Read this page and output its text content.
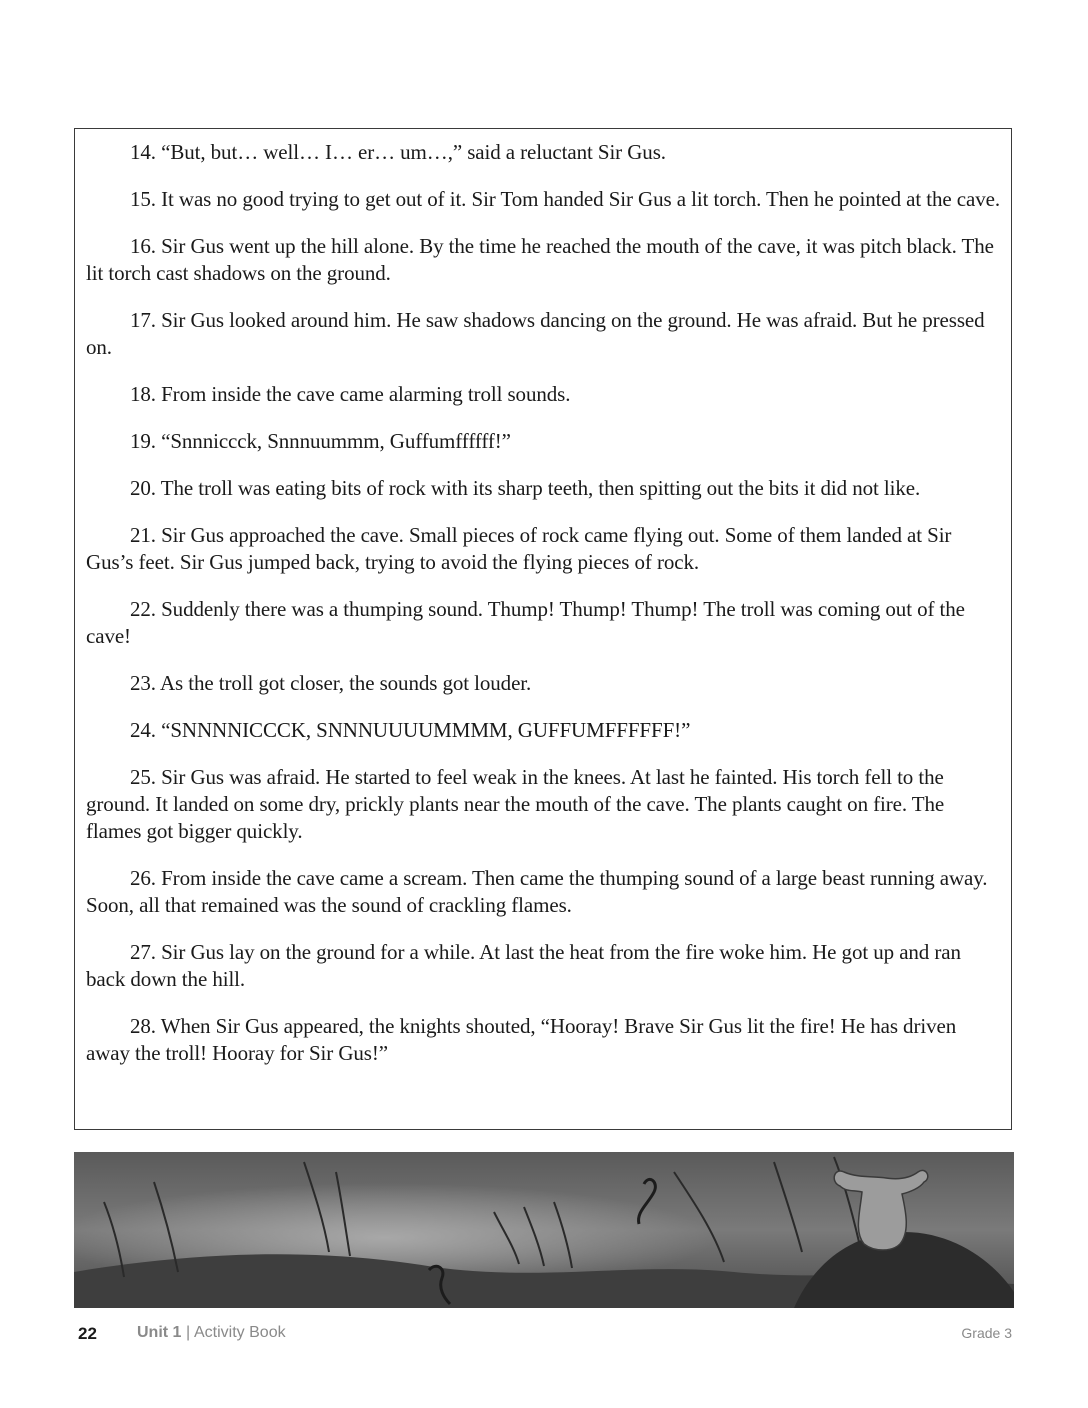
14. “But, but… well… I… er… um…,” said a reluctant Sir Gus.

15. It was no good trying to get out of it. Sir Tom handed Sir Gus a lit torch. Then he pointed at the cave.

16. Sir Gus went up the hill alone. By the time he reached the mouth of the cave, it was pitch black. The lit torch cast shadows on the ground.

17. Sir Gus looked around him. He saw shadows dancing on the ground. He was afraid. But he pressed on.

18. From inside the cave came alarming troll sounds.

19. “Snnniccck, Snnnuummm, Guffumffffff!”

20. The troll was eating bits of rock with its sharp teeth, then spitting out the bits it did not like.

21. Sir Gus approached the cave. Small pieces of rock came flying out. Some of them landed at Sir Gus’s feet. Sir Gus jumped back, trying to avoid the flying pieces of rock.

22. Suddenly there was a thumping sound. Thump! Thump! Thump! The troll was coming out of the cave!

23. As the troll got closer, the sounds got louder.

24. “SNNNNICCCK, SNNNUUUUMMMM, GUFFUMFFFFFF!”

25. Sir Gus was afraid. He started to feel weak in the knees. At last he fainted. His torch fell to the ground. It landed on some dry, prickly plants near the mouth of the cave. The plants caught on fire. The flames got bigger quickly.

26. From inside the cave came a scream. Then came the thumping sound of a large beast running away. Soon, all that remained was the sound of crackling flames.

27. Sir Gus lay on the ground for a while. At last the heat from the fire woke him. He got up and ran back down the hill.

28. When Sir Gus appeared, the knights shouted, “Hooray! Brave Sir Gus lit the fire! He has driven away the troll! Hooray for Sir Gus!”

22	Unit 1 | Activity Book	Grade 3
